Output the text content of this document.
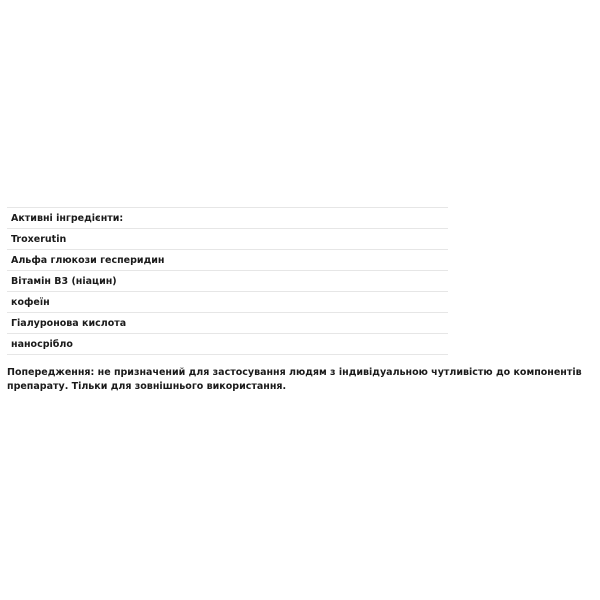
Активні інгредієнти:
Troxerutin
Альфа глюкози гесперидин
Вітамін B3 (ніацин)
кофеїн
Гіалуронова кислота
наносрібло

Попередження: не призначений для застосування людям з індивідуальною чутливістю до компонентів препарату. Тільки для зовнішнього використання.
